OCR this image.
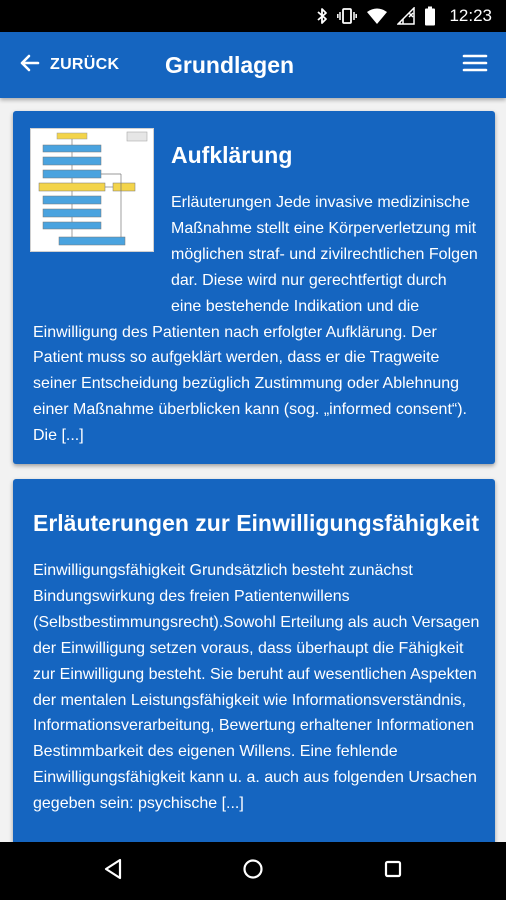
12:23
ZURÜCK Grundlagen
Aufklärung
Erläuterungen Jede invasive medizinische Maßnahme stellt eine Körperverletzung mit möglichen straf- und zivilrechtlichen Folgen dar. Diese wird nur gerechtfertigt durch eine bestehende Indikation und die Einwilligung des Patienten nach erfolgter Aufklärung. Der Patient muss so aufgeklärt werden, dass er die Tragweite seiner Entscheidung bezüglich Zustimmung oder Ablehnung einer Maßnahme überblicken kann (sog. „informed consent“). Die [...]
Erläuterungen zur Einwilligungsfähigkeit
Einwilligungsfähigkeit Grundsätzlich besteht zunächst Bindungswirkung des freien Patientenwillens (Selbstbestimmungsrecht).Sowohl Erteilung als auch Versagen der Einwilligung setzen voraus, dass überhaupt die Fähigkeit zur Einwilligung besteht. Sie beruht auf wesentlichen Aspekten der mentalen Leistungsfähigkeit wie Informationsverständnis, Informationsverarbeitung, Bewertung erhaltener Informationen Bestimmbarkeit des eigenen Willens. Eine fehlende Einwilligungsfähigkeit kann u. a. auch aus folgenden Ursachen gegeben sein: psychische [...]
